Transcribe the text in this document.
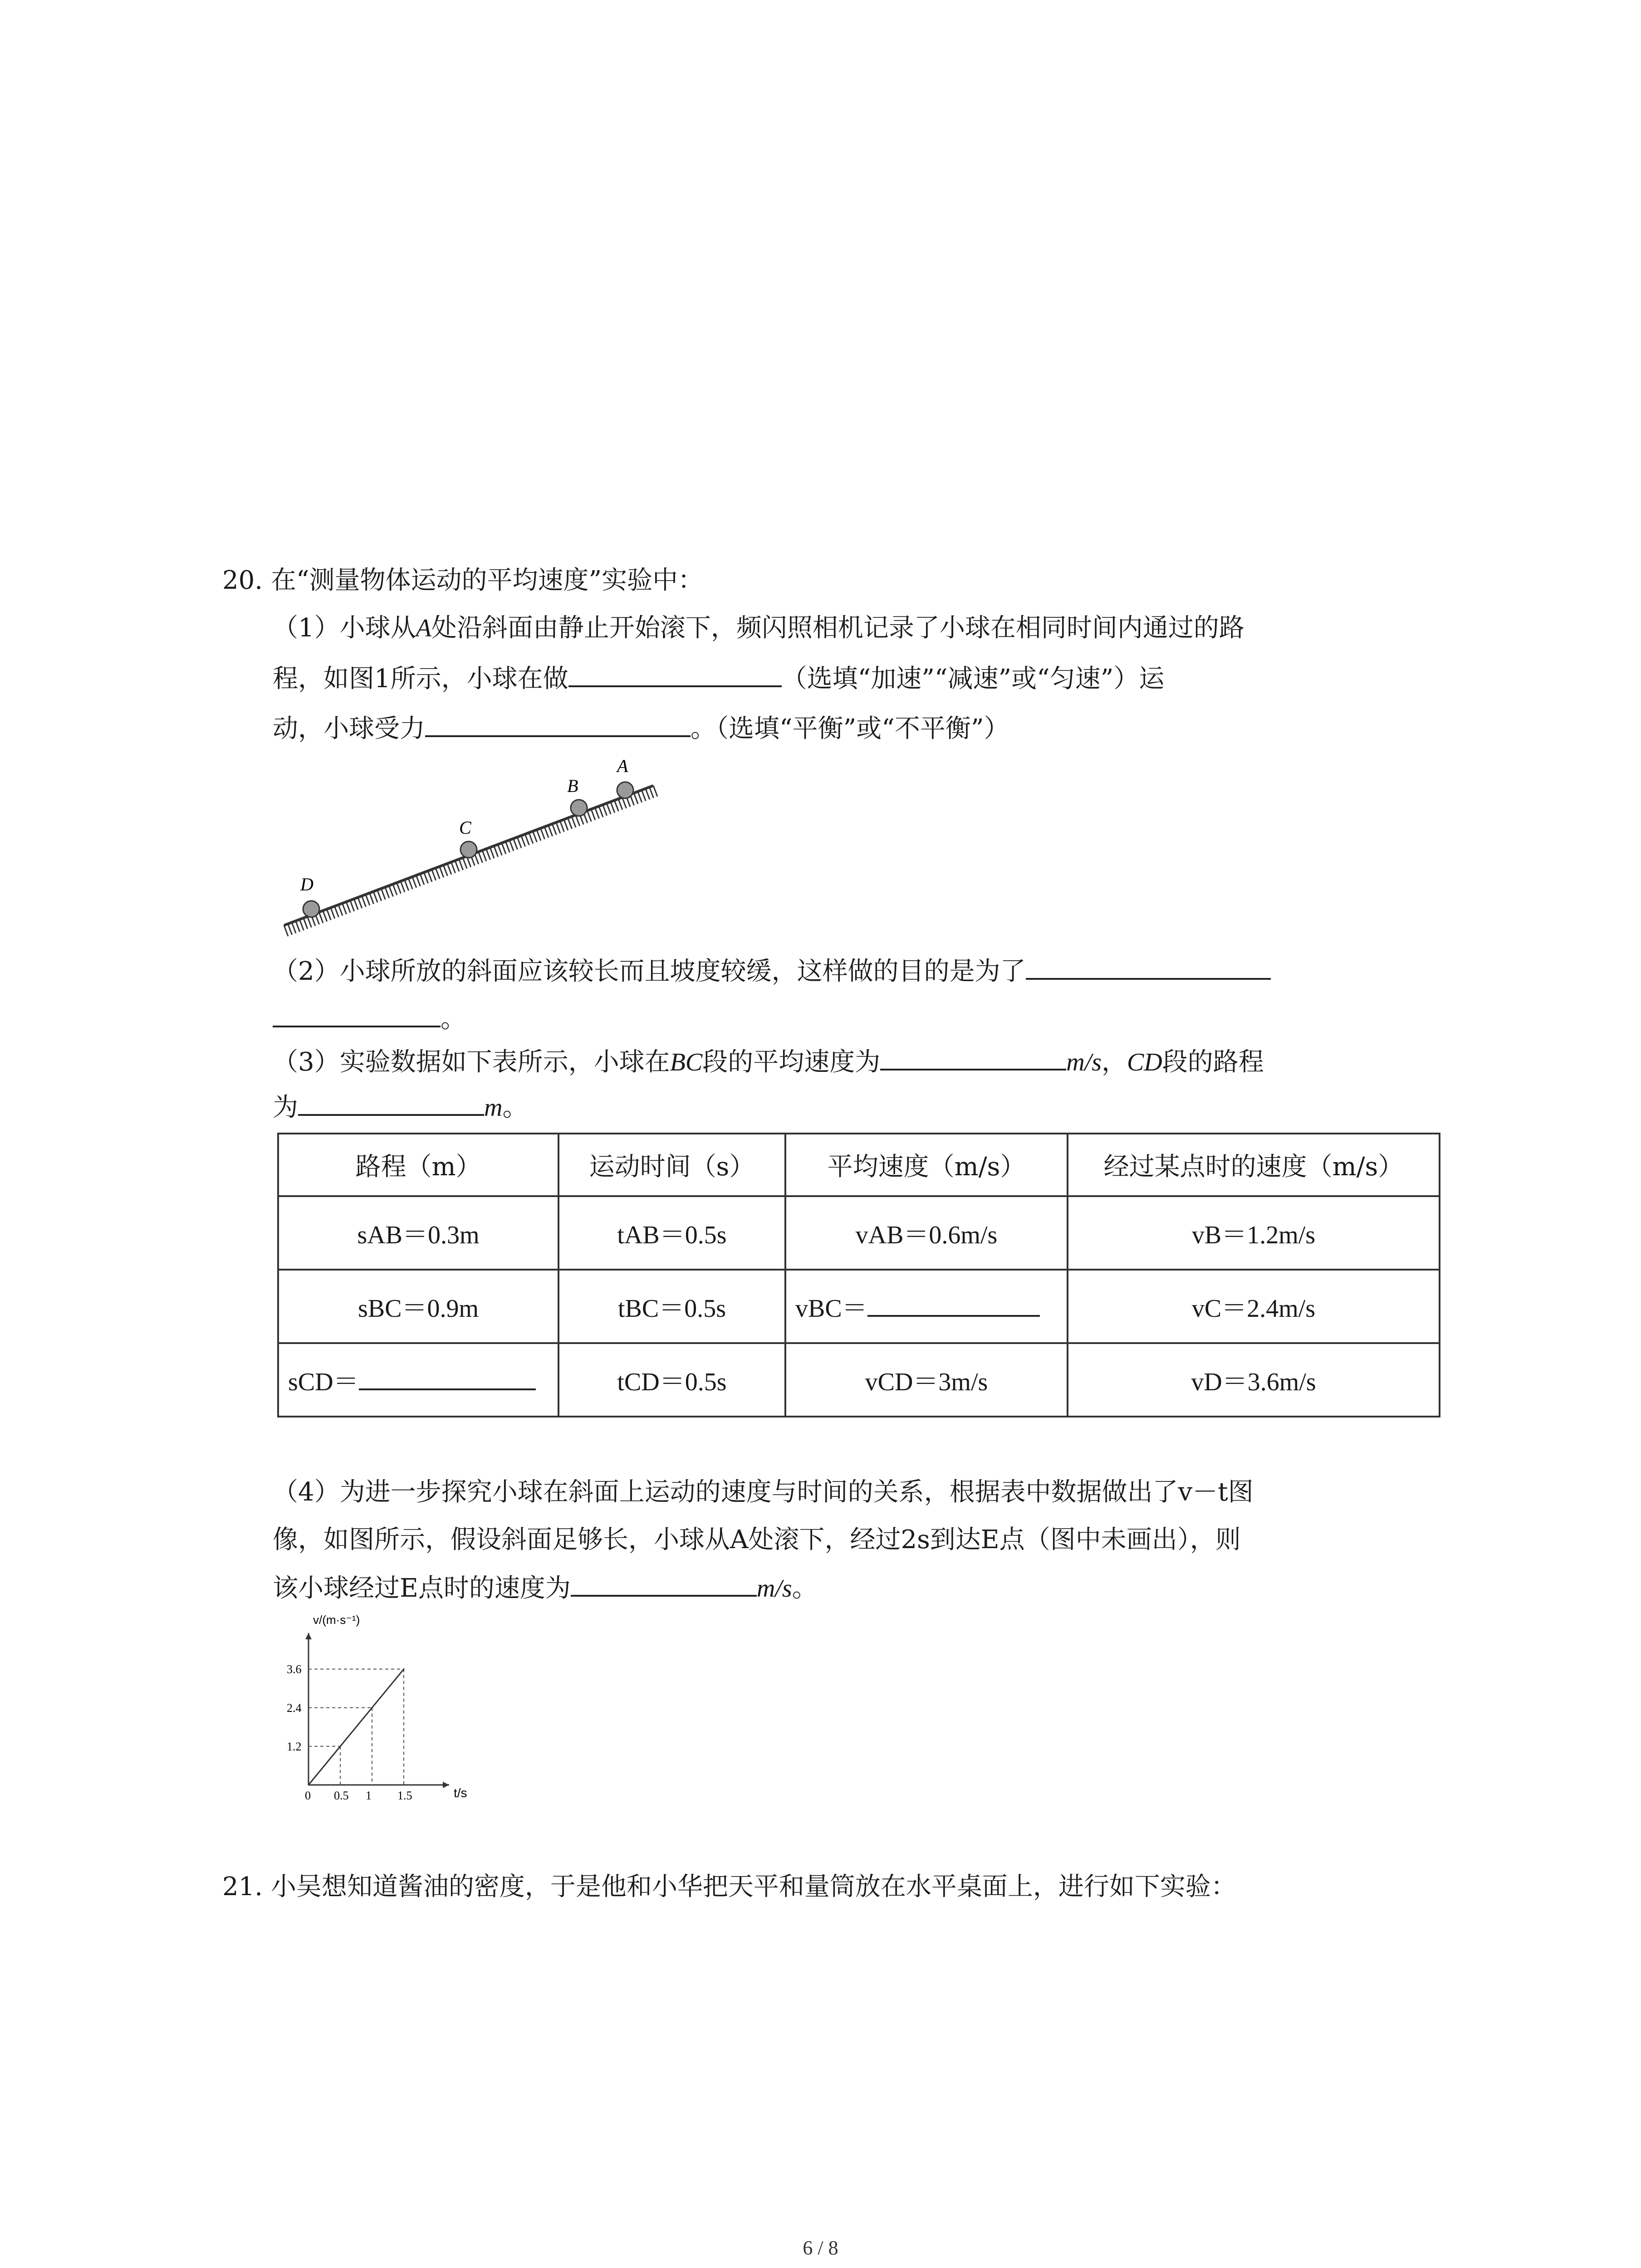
20. 在“测量物体运动的平均速度”实验中：
（1）小球从A处沿斜面由静止开始滚下，频闪照相机记录了小球在相同时间内通过的路
程，如图1所示，小球在做	（选填“加速”“减速”或“匀速”）运
动，小球受力	。（选填“平衡”或“不平衡”）
A
B
C
D
（2）小球所放的斜面应该较长而且坡度较缓，这样做的目的是为了
。
（3）实验数据如下表所示，小球在BC段的平均速度为	m/s，CD段的路程
为	m。
路程（m）	运动时间（s）	平均速度（m/s）	经过某点时的速度（m/s）
sAB＝0.3m	tAB＝0.5s	vAB＝0.6m/s	vB＝1.2m/s
sBC＝0.9m	tBC＝0.5s	vBC＝	vC＝2.4m/s
sCD＝	tCD＝0.5s	vCD＝3m/s	vD＝3.6m/s
（4）为进一步探究小球在斜面上运动的速度与时间的关系，根据表中数据做出了v－t图
像，如图所示，假设斜面足够长，小球从A处滚下，经过2s到达E点（图中未画出），则
该小球经过E点时的速度为	m/s。
0 0.5 1 1.5
1.2
2.4
3.6
v/(m·s⁻¹)
t/s
21. 小吴想知道酱油的密度，于是他和小华把天平和量筒放在水平桌面上，进行如下实验：
6 / 8
